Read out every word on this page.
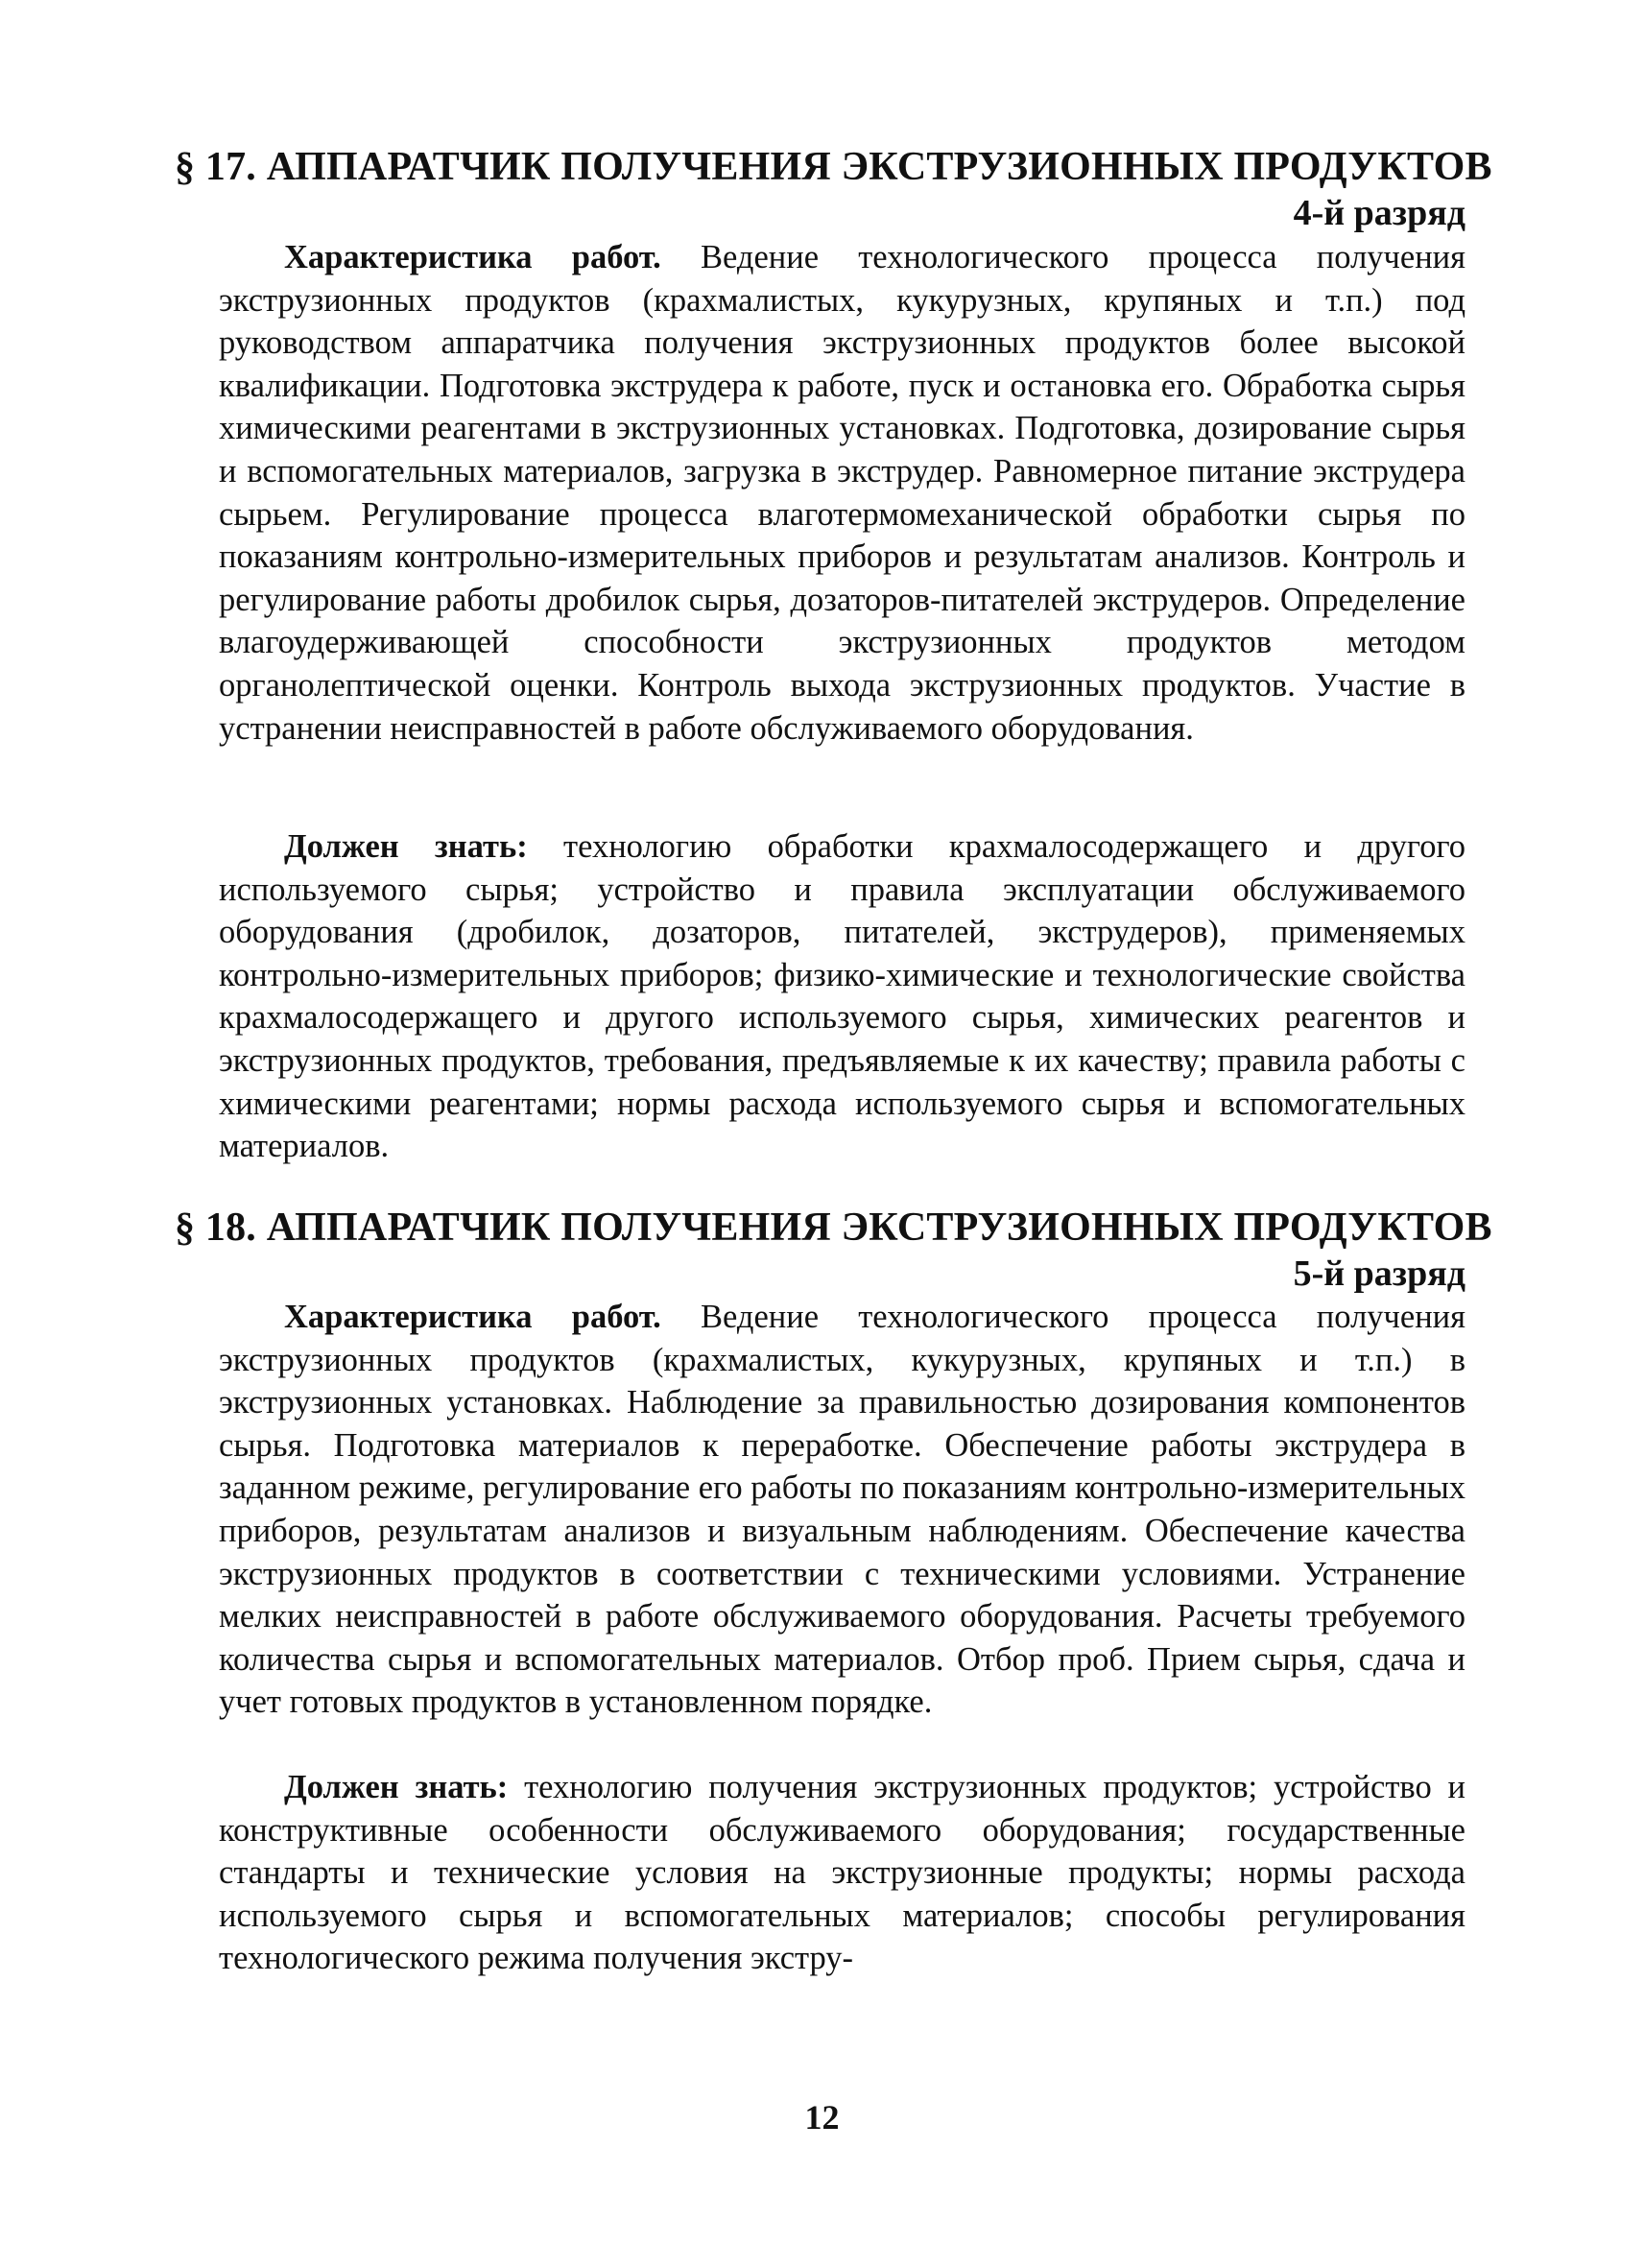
§ 17. АППАРАТЧИК ПОЛУЧЕНИЯ ЭКСТРУЗИОННЫХ ПРОДУКТОВ

4-й разряд

Характеристика работ. Ведение технологического процесса получения экструзионных продуктов (крахмалистых, кукурузных, крупяных и т.п.) под руководством аппаратчика получения экструзионных продуктов более высокой квалификации. Подготовка экструдера к работе, пуск и остановка его. Обработка сырья химическими реагентами в экструзионных установках. Подготовка, дозирование сырья и вспомогательных материалов, загрузка в экструдер. Равномерное питание экструдера сырьем. Регулирование процесса влаготермомеханической обработки сырья по показаниям контрольно-измерительных приборов и результатам анализов. Контроль и регулирование работы дробилок сырья, дозаторов-питателей экструдеров. Определение влагоудерживающей способности экструзионных продуктов методом органолептической оценки. Контроль выхода экструзионных продуктов. Участие в устранении неисправностей в работе обслуживаемого оборудования.

Должен знать: технологию обработки крахмалосодержащего и другого используемого сырья; устройство и правила эксплуатации обслуживаемого оборудования (дробилок, дозаторов, питателей, экструдеров), применяемых контрольно-измерительных приборов; физико-химические и технологические свойства крахмалосодержащего и другого используемого сырья, химических реагентов и экструзионных продуктов, требования, предъявляемые к их качеству; правила работы с химическими реагентами; нормы расхода используемого сырья и вспомогательных материалов.

§ 18. АППАРАТЧИК ПОЛУЧЕНИЯ ЭКСТРУЗИОННЫХ ПРОДУКТОВ

5-й разряд

Характеристика работ. Ведение технологического процесса получения экструзионных продуктов (крахмалистых, кукурузных, крупяных и т.п.) в экструзионных установках. Наблюдение за правильностью дозирования компонентов сырья. Подготовка материалов к переработке. Обеспечение работы экструдера в заданном режиме, регулирование его работы по показаниям контрольно-измерительных приборов, результатам анализов и визуальным наблюдениям. Обеспечение качества экструзионных продуктов в соответствии с техническими условиями. Устранение мелких неисправностей в работе обслуживаемого оборудования. Расчеты требуемого количества сырья и вспомогательных материалов. Отбор проб. Прием сырья, сдача и учет готовых продуктов в установленном порядке.

Должен знать: технологию получения экструзионных продуктов; устройство и конструктивные особенности обслуживаемого оборудования; государственные стандарты и технические условия на экструзионные продукты; нормы расхода используемого сырья и вспомогательных материалов; способы регулирования технологического режима получения экстру-

12
